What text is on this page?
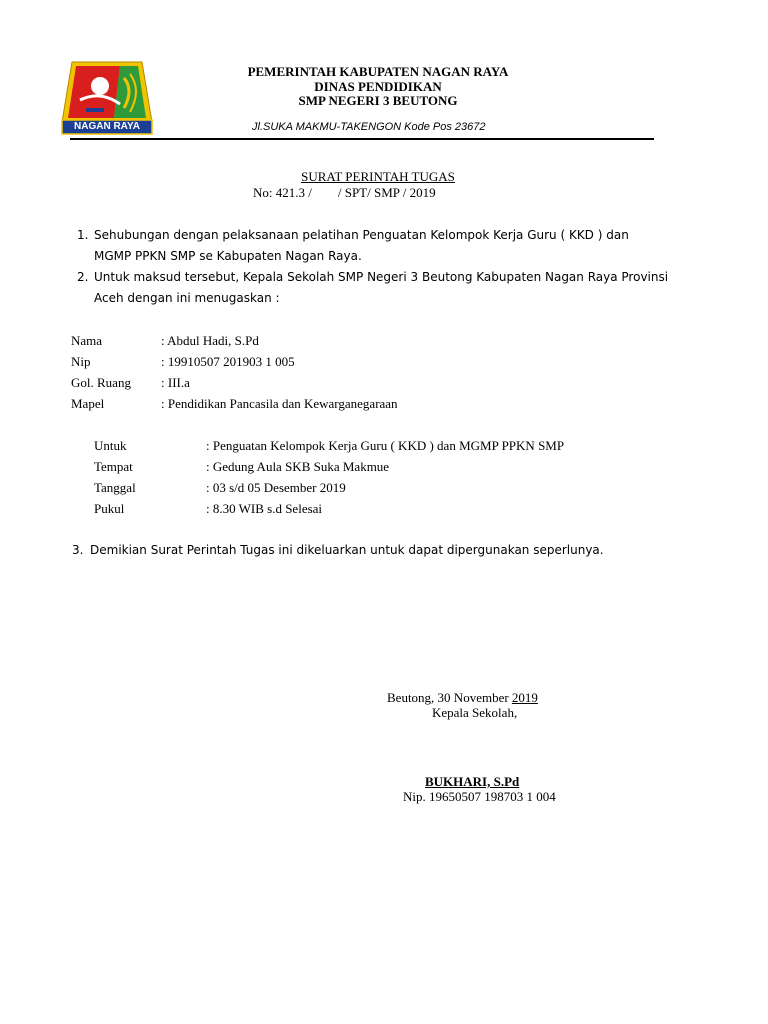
NAGAN RAYA
PEMERINTAH KABUPATEN NAGAN RAYA
DINAS PENDIDIKAN
SMP NEGERI 3 BEUTONG
Jl.SUKA MAKMU-TAKENGON Kode Pos 23672
SURAT PERINTAH TUGAS
No: 421.3 /        / SPT/ SMP / 2019
1. Sehubungan dengan pelaksanaan pelatihan Penguatan Kelompok Kerja Guru ( KKD ) dan
MGMP PPKN SMP se Kabupaten Nagan Raya.
2. Untuk maksud tersebut, Kepala Sekolah SMP Negeri 3 Beutong Kabupaten Nagan Raya Provinsi
Aceh dengan ini menugaskan :
Nama	: Abdul Hadi, S.Pd
Nip	: 19910507 201903 1 005
Gol. Ruang : III.a
Mapel	: Pendidikan Pancasila dan Kewarganegaraan
Untuk	: Penguatan Kelompok Kerja Guru ( KKD ) dan MGMP PPKN SMP
Tempat	: Gedung Aula SKB Suka Makmue
Tanggal	: 03 s/d 05 Desember 2019
Pukul	: 8.30 WIB s.d Selesai
3. Demikian Surat Perintah Tugas ini dikeluarkan untuk dapat dipergunakan seperlunya.
Beutong, 30 November 2019
Kepala Sekolah,
BUKHARI, S.Pd
Nip. 19650507 198703 1 004
